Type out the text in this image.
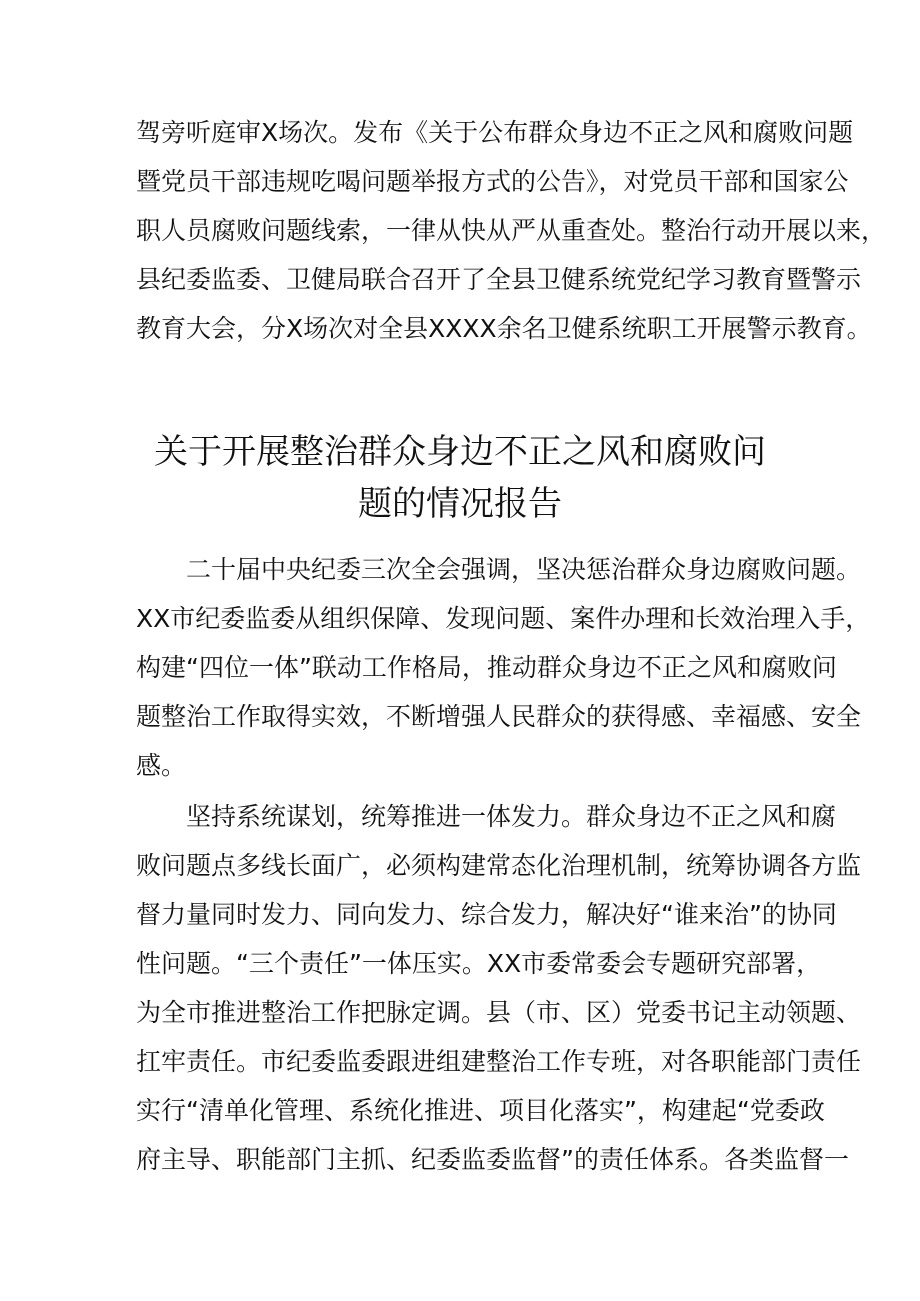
驾旁听庭审X场次。发布《关于公布群众身边不正之风和腐败问题
暨党员干部违规吃喝问题举报方式的公告》，对党员干部和国家公
职人员腐败问题线索，一律从快从严从重查处。整治行动开展以来，
县纪委监委、卫健局联合召开了全县卫健系统党纪学习教育暨警示
教育大会，分X场次对全县XXXX余名卫健系统职工开展警示教育。
关于开展整治群众身边不正之风和腐败问
题的情况报告
二十届中央纪委三次全会强调，坚决惩治群众身边腐败问题。
XX市纪委监委从组织保障、发现问题、案件办理和长效治理入手，
构建“四位一体”联动工作格局，推动群众身边不正之风和腐败问
题整治工作取得实效，不断增强人民群众的获得感、幸福感、安全
感。
坚持系统谋划，统筹推进一体发力。群众身边不正之风和腐
败问题点多线长面广，必须构建常态化治理机制，统筹协调各方监
督力量同时发力、同向发力、综合发力，解决好“谁来治”的协同
性问题。“三个责任”一体压实。XX市委常委会专题研究部署，
为全市推进整治工作把脉定调。县（市、区）党委书记主动领题、
扛牢责任。市纪委监委跟进组建整治工作专班，对各职能部门责任
实行“清单化管理、系统化推进、项目化落实”，构建起“党委政
府主导、职能部门主抓、纪委监委监督”的责任体系。各类监督一
